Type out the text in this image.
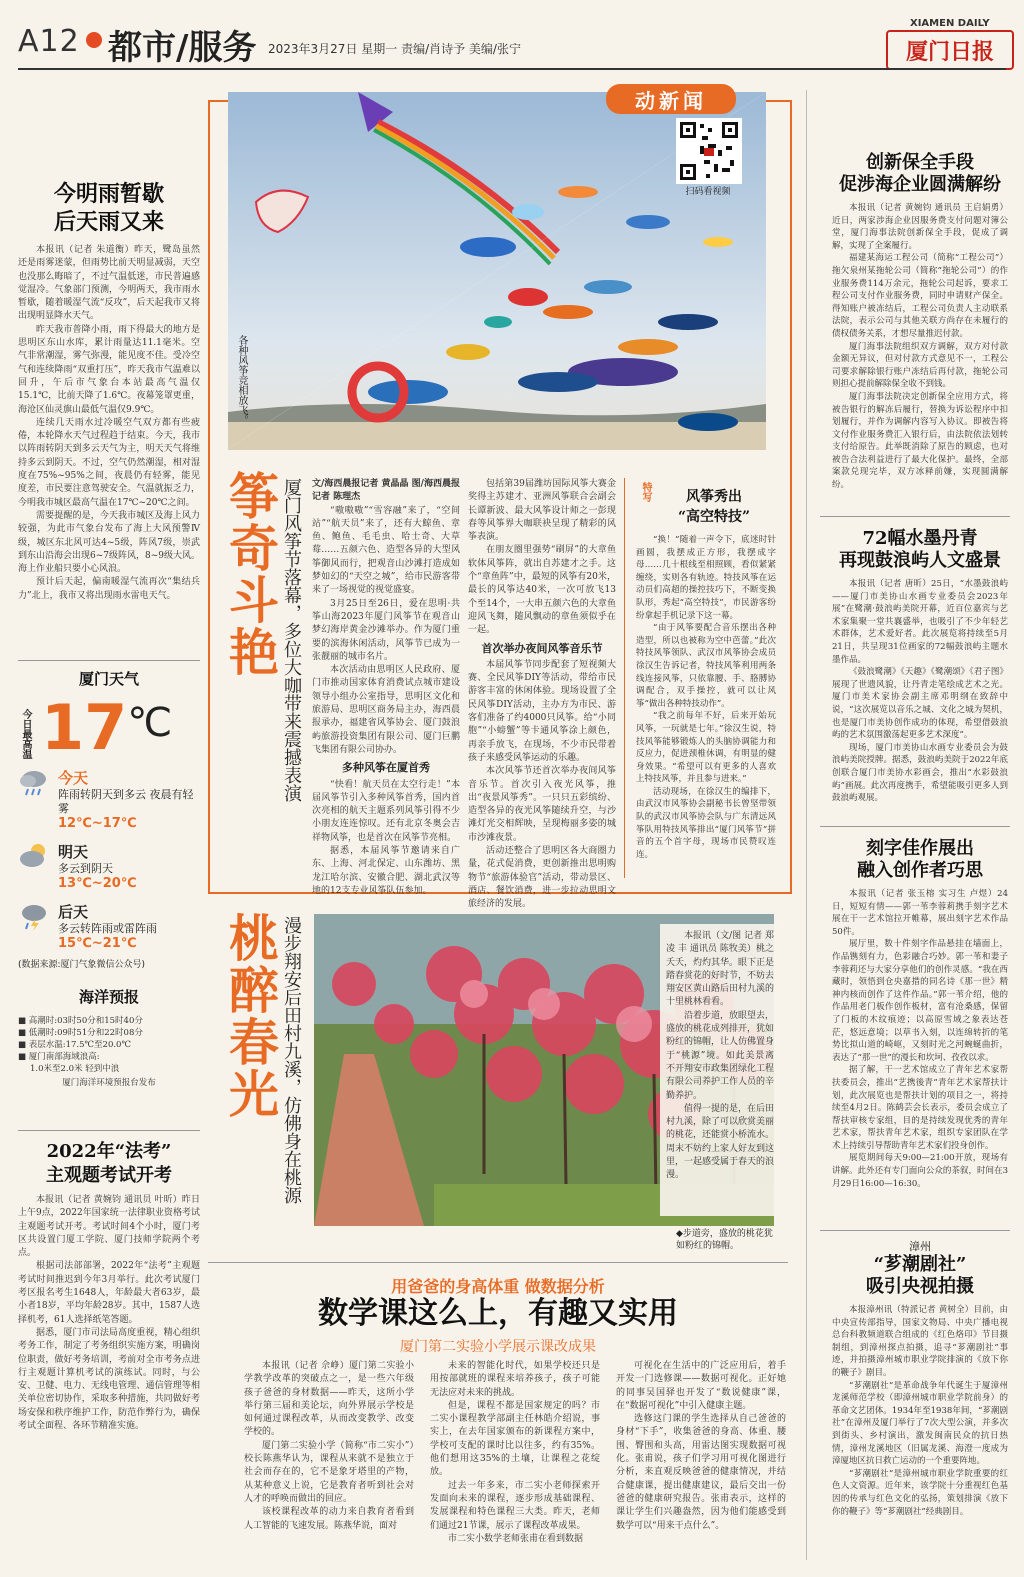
A12 都市/服务 2023年3月27日 星期一 责编/肖诗予 美编/张宁
XIAMEN DAILY
厦门日报
今明雨暂歇
后天雨又来

本报讯（记者 朱道衡）昨天，鹭岛虽然还是雨雾迷蒙，但雨势比前天明显减弱，天空也没那么晦暗了，不过气温低迷，市民普遍感觉湿冷。气象部门预测，今明两天，我市雨水暂歇，随着暖湿气流“反攻”，后天起我市又将出现明显降水天气。

昨天我市普降小雨，雨下得最大的地方是思明区东山水库，累计雨量达11.1毫米。空气非常潮湿，雾气弥漫，能见度不佳。受冷空气和连续降雨“双重打压”，昨天我市气温难以回升，午后市气象台本站最高气温仅15.1℃，比前天降了1.6℃。夜幕笼罩更重，海沧区仙灵旗山最低气温仅9.9℃。

连续几天雨水过冷暖空气双方都有些疲倦，本轮降水天气过程趋于结束。今天，我市以阵雨转阴天到多云天气为主，明天天气将维持多云到阴天。不过，空气仍然潮湿，相对湿度在75%~95%之间，夜晨仍有轻雾，能见度差，市民要注意驾驶安全。气温就振乏力，今明我市城区最高气温在17℃~20℃之间。

需要提醒的是，今天我市城区及海上风力较强，为此市气象台发布了海上大风预警Ⅳ级，城区东北风可达4~5级，阵风7级，崇武到东山沿海会出现6~7级阵风，8~9级大风。海上作业船只要小心风浪。

预计后天起，偏南暖湿气流再次“集结兵力”北上，我市又将出现雨水雷电天气。

厦门天气
今日最高温 17 ℃
今天
阵雨转阴天到多云 夜晨有轻雾
12℃~17℃
明天
多云到阴天
13℃~20℃
后天
多云转阵雨或雷阵雨
15℃~21℃
(数据来源:厦门气象微信公众号)
海洋预报
■ 高潮时:03时50分和15时40分
■ 低潮时:09时51分和22时08分
■ 表层水温:17.5℃至20.0℃
■ 厦门南部海域浪高:
1.0米至2.0米 轻到中浪
厦门海洋环境预报台发布
2022年“法考”
主观题考试开考

本报讯（记者 黄婉钧 通讯员 叶昕）昨日上午9点，2022年国家统一法律职业资格考试主观题考试开考。考试时间4个小时，厦门考区共设置门厦工学院、厦门技师学院两个考点。

根据司法部部署，2022年“法考”主观题考试时间推迟到今年3月举行。此次考试厦门考区报名考生1648人，年龄最大者63岁，最小者18岁，平均年龄28岁。其中，1587人选择机考，61人选择纸笔答题。

据悉，厦门市司法局高度重视，精心组织考务工作，制定了考务组织实施方案，明确岗位职责，做好考务培训，考前对全市考务点进行主观题计算机考试的演练试。同时，与公安、卫健、电力、无线电管理、通信管理等相关单位密切协作，采取多种措施，共同做好考场安保和秩序维护工作，防范作弊行为，确保考试全面程、各环节精准实施。

动新闻
扫码看视频
各种风筝竞相放飞。
筝奇斗艳 厦门风筝节落幕，多位大咖带来震撼表演 文/海西晨报记者 黄晶晶 图/海西晨报记者 陈理杰

“嗷嗷嗷”“雪容融”来了，“空间站”“航天员”来了，还有大鲸鱼、章鱼、鲍鱼、毛毛虫、哈士奇、大草莓……五颜六色、造型各异的大型风筝御风而行，把观音山沙滩打造成如梦如幻的“天空之城”，给市民游客带来了一场视觉的视觉盛宴。

3月25日至26日，爱在思明·共筝山海2023年厦门风筝节在观音山梦幻海岸黄金沙滩举办。作为厦门重要的滨海休闲活动，风筝节已成为一张靓丽的城市名片。

本次活动由思明区人民政府、厦门市推动国家体育消费试点城市建设领导小组办公室指导，思明区文化和旅游局、思明区商务局主办，海西晨报承办，福建省风筝协会、厦门鼓浪屿旅游投资集团有限公司、厦门巨鹏飞集团有限公司协办。

多种风筝在厦首秀

“快看！航天员在太空行走！”本届风筝节引入多种风筝首秀，国内首次亮相的航天主题系列风筝引得不少小朋友连连惊叹。还有北京冬奥会吉祥物风筝，也是首次在风筝节亮相。

据悉，本届风筝节邀请来自广东、上海、河北保定、山东潍坊、黑龙江哈尔滨、安徽合肥、湖北武汉等地的12支专业风筝队伍参加。

包括第39届潍坊国际风筝大赛金奖得主苏建才、亚洲风筝联合会副会长谭新波、最大风筝设计师之一彭现春等风筝界大咖联袂呈现了精彩的风筝表演。

在朋友圈里强势“刷屏”的大章鱼软体风筝阵，就出自苏建才之手。这个“章鱼阵”中，最短的风筝有20米，最长的风筝达40米，一次可放飞13个至14个，一大串五颜六色的大章鱼迎风飞舞，随风飘动的章鱼须似乎在一起。

首次举办夜间风筝音乐节

本届风筝节同步配套了短视频大赛、全民风筝DIY等活动，带给市民游客丰富的休闲体验。现场设置了全民风筝DIY活动，主办方为市民、游客们准备了约4000只风筝。给“小同胞”“小螃蟹”等卡通风筝涂上颜色，再亲手放飞，在现场，不少市民带着孩子来感受风筝运动的乐趣。

本次风筝节还首次举办夜间风筝音乐节。首次引入夜光风筝，推出“夜景风筝秀”。一只只五彩缤纷、造型各异的夜光风筝随续升空，与沙滩灯光交相辉映，呈现梅丽多姿的城市沙滩夜景。

活动还整合了思明区各大商圈力量，花式促消费，更创新推出思明购物节“旅游体验官”活动，带动景区、酒店、餐饮消费，进一步拉动思明文旅经济的发展。

特写	风筝秀出
“高空特技”

“换！”随着一声令下，底迷时针画圆，我摆成正方形，我摆成字母……几十根线至相照顾，看似紧紧缠绕，实则各有轨迹。特技风筝在运动员们高超的操控技巧下，不断变换队形，秀起“高空特技”，市民游客纷纷拿起手机记录下这一幕。

“由于风筝要配合音乐摆出各种造型，所以也被称为空中芭蕾。”此次特技风筝领队、武汉市风筝协会成员徐汉生告诉记者，特技风筝利用两条线连接风筝，只依靠腰、手、胳膊协调配合，双手操控，就可以让风筝“做出各种特技动作”。

“我之前每年不好，后来开始玩风筝，一玩就是七年。”徐汉生说，特技风筝能够锻炼人的头脑协调能力和反应力，促进颈椎休调，有明显的健身效果。“希望可以有更多的人喜欢上特技风筝，并且参与进来。”

活动现场，在徐汉生的编排下，由武汉市风筝协会副秘书长曾坚带领队的武汉市风筝协会队与广东清远风筝队用特技风筝排出“厦门风筝节”拼音的五个首字母，现场市民赞叹连连。

桃醉春光 漫步翔安后田村九溪，仿佛身在桃源	本报讯（文/图 记者 郑凌 丰 通讯员 陈牧美）桃之夭夭，灼灼其华。眼下正是踏春赏花的好时节，不妨去翔安区黄山路后田村九溪的十里桃林看看。

沿着步道，放眼望去，盛放的桃花成列排开，犹如粉红的锦帽，让人仿佛置身于“桃源”境。如此美景离不开翔安市政集团绿化工程有限公司养护工作人员的辛勤养护。

值得一提的是，在后田村九溪，除了可以欣赏美丽的桃花，还能赏小桥流水。周末不妨约上家人好友到这里，一起感受属于春天的浪漫。

◆步道旁，盛放的桃花犹如粉红的锦帽。
用爸爸的身高体重 做数据分析
数学课这么上，有趣又实用
厦门第二实验小学展示课改成果

本报讯（记者 佘峥）厦门第二实验小学教学改革的突破点之一，是一些六年级孩子爸爸的身材数据——昨天，这所小学举行第三届和美论坛，向外界展示学校是如何通过课程改革，从而改变教学、改变学校的。

厦门第二实验小学（简称“市二实小”）校长陈燕华认为，课程从来就不是独立于社会而存在的，它不是象牙塔里的产物，从某种意义上说，它是教育者听到社会对人才的呼唤而做出的回应。

该校课程改革的动力来自教育者看到人工智能的飞速发展。陈燕华说，面对

未来的智能化时代，如果学校还只是用按部就班的课程来培养孩子，孩子可能无法应对未来的挑战。

但是，课程不都是国家规定的吗？市二实小课程教学部副主任林皓介绍说，事实上，在去年国家颁布的新课程方案中，学校可支配的课时比以往多，约有35%。他们想用这35%的土壤，让课程之花绽放。

过去一年多来，市二实小老师探索开发面向未来的课程，逐步形成基础课程、发展课程和特色课程三大类。昨天，老师们通过21节课，展示了课程改革成果。

市二实小数学老师张甫在看到数据

可视化在生活中的广泛应用后，着手开发一门选修课——数据可视化。正好她的同事吴国驿也开发了“数说健康”课，在“数据可视化”中引入健康主题。

选修这门课的学生选择从自己爸爸的身材“下手”，收集爸爸的身高、体重、腰围、臀围和头高，用雷达图实现数据可视化。张甫说，孩子们学习用可视化图进行分析，来直观反映爸爸的健康情况，并结合健康课，提出健康建议，最后交出一份爸爸的健康研究报告。张甫表示，这样的课让学生们兴趣盎然，因为他们能感受到数学可以“用来干点什么”。

创新保全手段
促涉海企业圆满解纷

本报讯（记者 黄婉钧 通讯员 王启娟勇）近日，两家涉海企业因服务费支付问题对簿公堂，厦门海事法院创新保全手段，促成了调解，实现了全案履行。

福建某海运工程公司（简称“工程公司”）拖欠泉州某拖轮公司（简称“拖轮公司”）的作业服务费114万余元，拖轮公司起诉，要求工程公司支付作业服务费，同时申请财产保全。得知账户被冻结后，工程公司负责人主动联系法院，表示公司与其他关联方尚存在未履行的债权债务关系，才想尽量推迟付款。

厦门海事法院组织双方调解，双方对付款金额无异议，但对付款方式意见不一，工程公司要求解除银行账户冻结后再付款，拖轮公司则担心提前解除保全收不到钱。

厦门海事法院决定创新保全应用方式，将被告银行的解冻后履行，替换为诉讼程序中扣划履行，并作为调解内容写入协议。即被告将文付作业服务费汇入银行后，由法院依法划转支付给原告。此举既消除了原告的顾虑，也对被告合法利益进行了最大化保护。最终，全部案款兑现完毕，双方冰释前嫌，实现圆满解纷。

72幅水墨丹青
再现鼓浪屿人文盛景

本报讯（记者 唐昕）25日，“水墨鼓浪屿——厦门市美协山水画专业委员会2023年展”在鹭潮·鼓浪屿美院开幕，近百位嘉宾与艺术家集聚一堂共襄盛举，也吸引了不少年轻艺术群体，艺术爱好者。此次展览将持续至5月21日，共呈现31位画家的72幅鼓浪屿主题水墨作品。

《鼓浪鹭潮》《天趣》《鹭潮颂》《君子图》展现了世遗风貌，让丹青走笔绘成艺术之光。厦门市美术家协会副主席邓明纲在致辞中说，“这次展览以音乐之城、文化之城为契机，也是厦门市美协创作成功的体现，希望借鼓浪屿的艺术氛围激荡起更多艺术深度”。

现场，厦门市美协山水画专业委员会为鼓浪屿美院授牌。据悉，鼓浪屿美院于2022年底创联合厦门市美协水彩画会，推出“水彩鼓浪屿”画展。此次再度携手，希望能吸引更多人到鼓浪屿观展。

刻字佳作展出
融入创作者巧思

本报讯（记者 张玉榕 实习生 卢煜）24日，短短有情——郭一苇李蓉莉携手刻字艺术展在干一艺术馆拉开帷幕，展出刻字艺术作品50件。

展厅里，数十件刻字作品悬挂在墙面上，作品镌刻有力，色彩融合巧妙。郭一苇和妻子李蓉莉还与大家分享他们的创作灵感。“我在西藏时，领悟到仓央嘉措的同名诗《那一世》精神内核而创作了这件作品。”郭一苇介绍，他的作品用老门板作创作板材，富有沧桑感，保留了门板的木纹痕迹；以高原雪域之象表达苍茫，悠远意境；以草书入刻，以连绵转折的笔势比拟山道的崎岖，又刻时光之河蜿蜒曲折，表达了“那一世”的漫长和坎坷、孜孜以求。

据了解，干一艺术馆成立了青年艺术家帮扶委员会，推出“艺携後青”青年艺术家帮扶计划，此次展览也是帮扶计划的项目之一，将持续至4月2日。陈鹤芸会长表示，委员会成立了帮扶审核专家组，目的是持续发现优秀的青年艺术家，帮扶青年艺术家，组织专家团队在学术上持续引导帮助青年艺术家们投身创作。

展览期间每天9:00—21:00开放，现场有讲解。此外还有专门面向公众的茶叙，时间在3月29日16:00—16:30。

漳州
“芗潮剧社”
吸引央视拍摄

本报漳州讯（特派记者 黄树全）目前，由中央宣传部指导，国家文物局、中央广播电视总台科教频道联合组成的《红色烙印》节目摄制组，到漳州探点拍摄，追寻“芗潮剧社”事迹，并拍摄漳州城市职业学院排演的《放下你的鞭子》剧目。

“芗潮剧社”是革命战争年代诞生于厦漳州龙溪师范学校（即漳州城市职业学院前身）的革命文艺团体。1934年至1938年间，“芗潮剧社”在漳州及厦门举行了7次大型公演，并多次到街头、乡村演出，激发闽南民众的抗日热情，漳州龙溪地区（旧属龙溪、海澄一度成为漳厦地区抗日救亡运动的一个重要阵地。

“芗潮剧社”是漳州城市职业学院重要的红色人文资源。近年来，该学院十分重视红色基因的传承与红色文化的弘扬，策划排演《放下你的鞭子》等“芗潮剧社”经典剧目。
